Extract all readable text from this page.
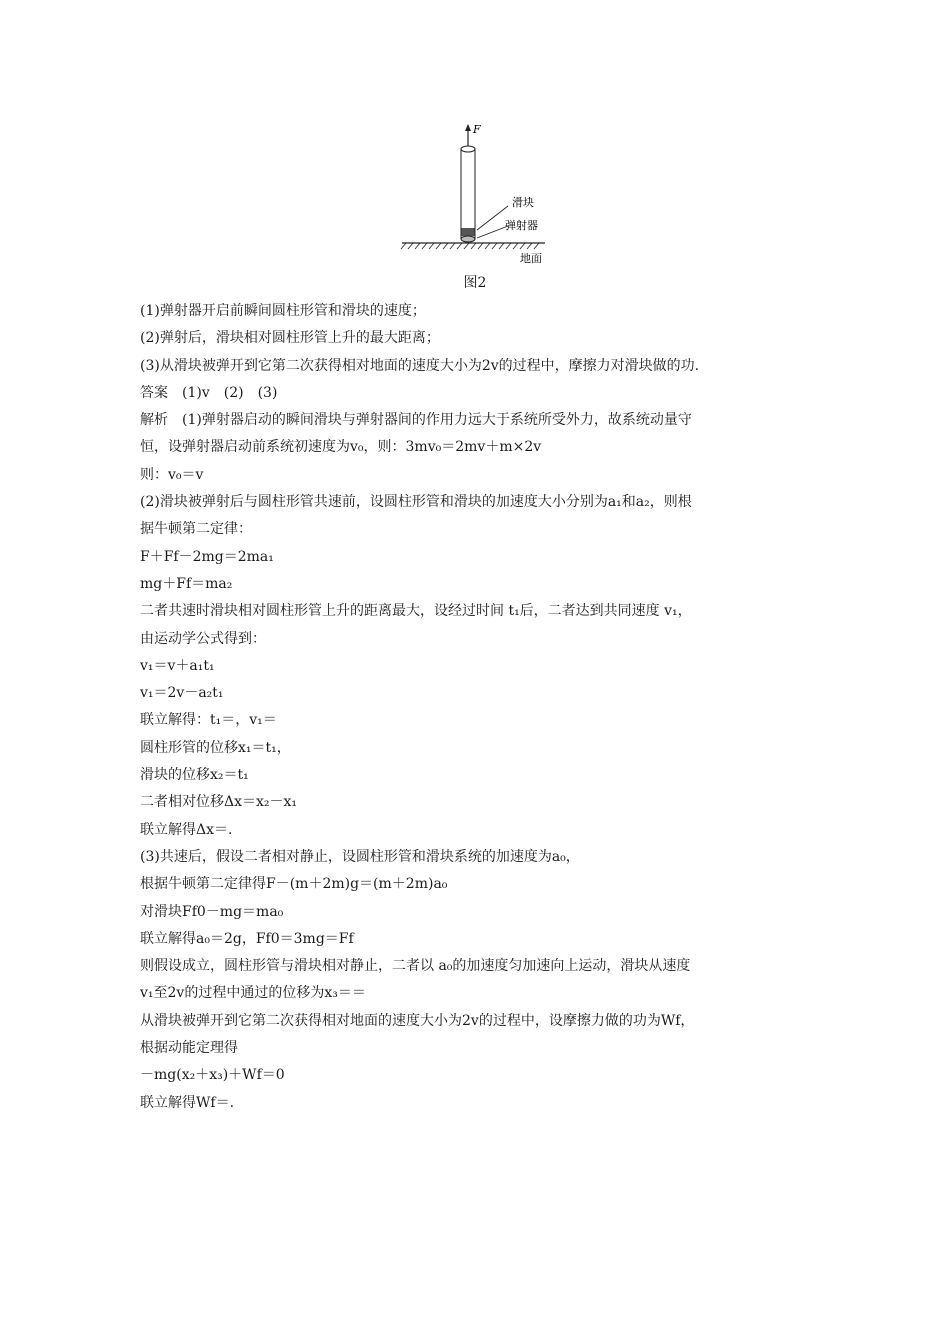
F
滑块
弹射器
地面
图2
(1)弹射器开启前瞬间圆柱形管和滑块的速度；
(2)弹射后，滑块相对圆柱形管上升的最大距离；
(3)从滑块被弹开到它第二次获得相对地面的速度大小为2v的过程中，摩擦力对滑块做的功.
答案　 (1)v　(2)　(3)
解析　 (1)弹射器启动的瞬间滑块与弹射器间的作用力远大于系统所受外力，故系统动量守
恒，设弹射器启动前系统初速度为v₀，则：3mv₀＝2mv＋m×2v
则：v₀＝v
(2)滑块被弹射后与圆柱形管共速前，设圆柱形管和滑块的加速度大小分别为a₁和a₂，则根
据牛顿第二定律：
F＋Ff－2mg＝2ma₁
mg＋Ff＝ma₂
二者共速时滑块相对圆柱形管上升的距离最大，设经过时间 t₁后，二者达到共同速度 v₁，
由运动学公式得到：
v₁＝v＋a₁t₁
v₁＝2v－a₂t₁
联立解得：t₁＝，v₁＝
圆柱形管的位移x₁＝t₁，
滑块的位移x₂＝t₁
二者相对位移Δx＝x₂－x₁
联立解得Δx＝.
(3)共速后，假设二者相对静止，设圆柱形管和滑块系统的加速度为a₀，
根据牛顿第二定律得F－(m＋2m)g＝(m＋2m)a₀
对滑块Ff0－mg＝ma₀
联立解得a₀＝2g，Ff0＝3mg＝Ff
则假设成立，圆柱形管与滑块相对静止，二者以 a₀的加速度匀加速向上运动，滑块从速度
v₁至2v的过程中通过的位移为x₃＝＝
从滑块被弹开到它第二次获得相对地面的速度大小为2v的过程中，设摩擦力做的功为Wf，
根据动能定理得
－mg(x₂＋x₃)＋Wf＝0
联立解得Wf＝.
